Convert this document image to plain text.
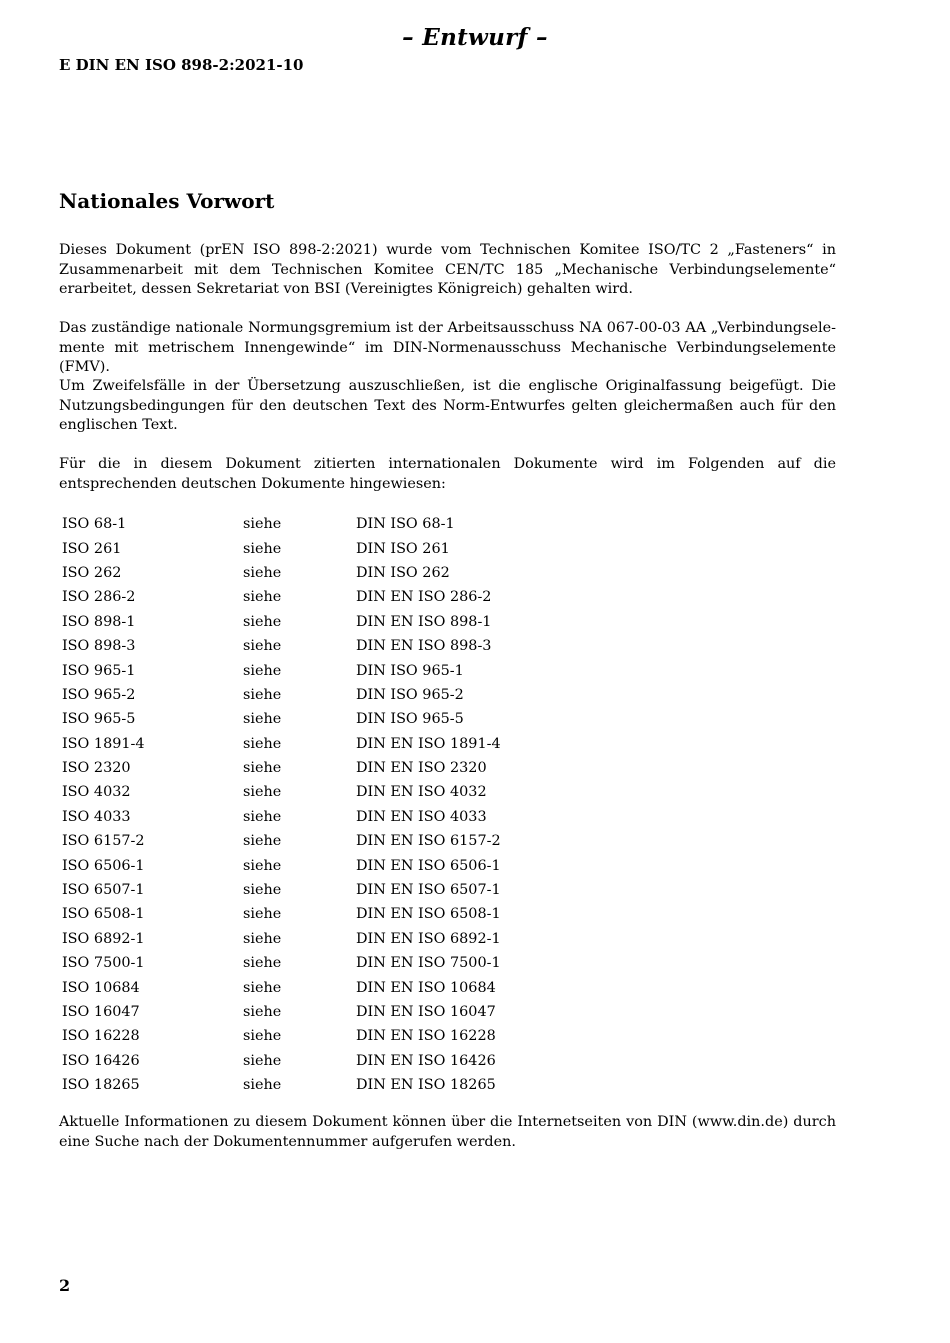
– Entwurf –
E DIN EN ISO 898-2:2021-10
Nationales Vorwort

Dieses Dokument (prEN ISO 898-2:2021) wurde vom Technischen Komitee ISO/TC 2 „Fasteners“ in Zusammenarbeit mit dem Technischen Komitee CEN/TC 185 „Mechanische Verbindungselemente“ erarbeitet, dessen Sekretariat von BSI (Vereinigtes Königreich) gehalten wird.

Das zuständige nationale Normungsgremium ist der Arbeitsausschuss NA 067-00-03 AA „Verbindungselemente mit metrischem Innengewinde“ im DIN-Normenausschuss Mechanische Verbindungselemente (FMV).

Um Zweifelsfälle in der Übersetzung auszuschließen, ist die englische Originalfassung beigefügt. Die Nutzungsbedingungen für den deutschen Text des Norm-Entwurfes gelten gleichermaßen auch für den englischen Text.

Für die in diesem Dokument zitierten internationalen Dokumente wird im Folgenden auf die entsprechenden deutschen Dokumente hingewiesen:

ISO 68-1	siehe	DIN ISO 68-1
ISO 261	siehe	DIN ISO 261
ISO 262	siehe	DIN ISO 262
ISO 286-2	siehe	DIN EN ISO 286-2
ISO 898-1	siehe	DIN EN ISO 898-1
ISO 898-3	siehe	DIN EN ISO 898-3
ISO 965-1	siehe	DIN ISO 965-1
ISO 965-2	siehe	DIN ISO 965-2
ISO 965-5	siehe	DIN ISO 965-5
ISO 1891-4	siehe	DIN EN ISO 1891-4
ISO 2320	siehe	DIN EN ISO 2320
ISO 4032	siehe	DIN EN ISO 4032
ISO 4033	siehe	DIN EN ISO 4033
ISO 6157-2	siehe	DIN EN ISO 6157-2
ISO 6506-1	siehe	DIN EN ISO 6506-1
ISO 6507-1	siehe	DIN EN ISO 6507-1
ISO 6508-1	siehe	DIN EN ISO 6508-1
ISO 6892-1	siehe	DIN EN ISO 6892-1
ISO 7500-1	siehe	DIN EN ISO 7500-1
ISO 10684	siehe	DIN EN ISO 10684
ISO 16047	siehe	DIN EN ISO 16047
ISO 16228	siehe	DIN EN ISO 16228
ISO 16426	siehe	DIN EN ISO 16426
ISO 18265	siehe	DIN EN ISO 18265

Aktuelle Informationen zu diesem Dokument können über die Internetseiten von DIN (www.din.de) durch eine Suche nach der Dokumentennummer aufgerufen werden.

2
